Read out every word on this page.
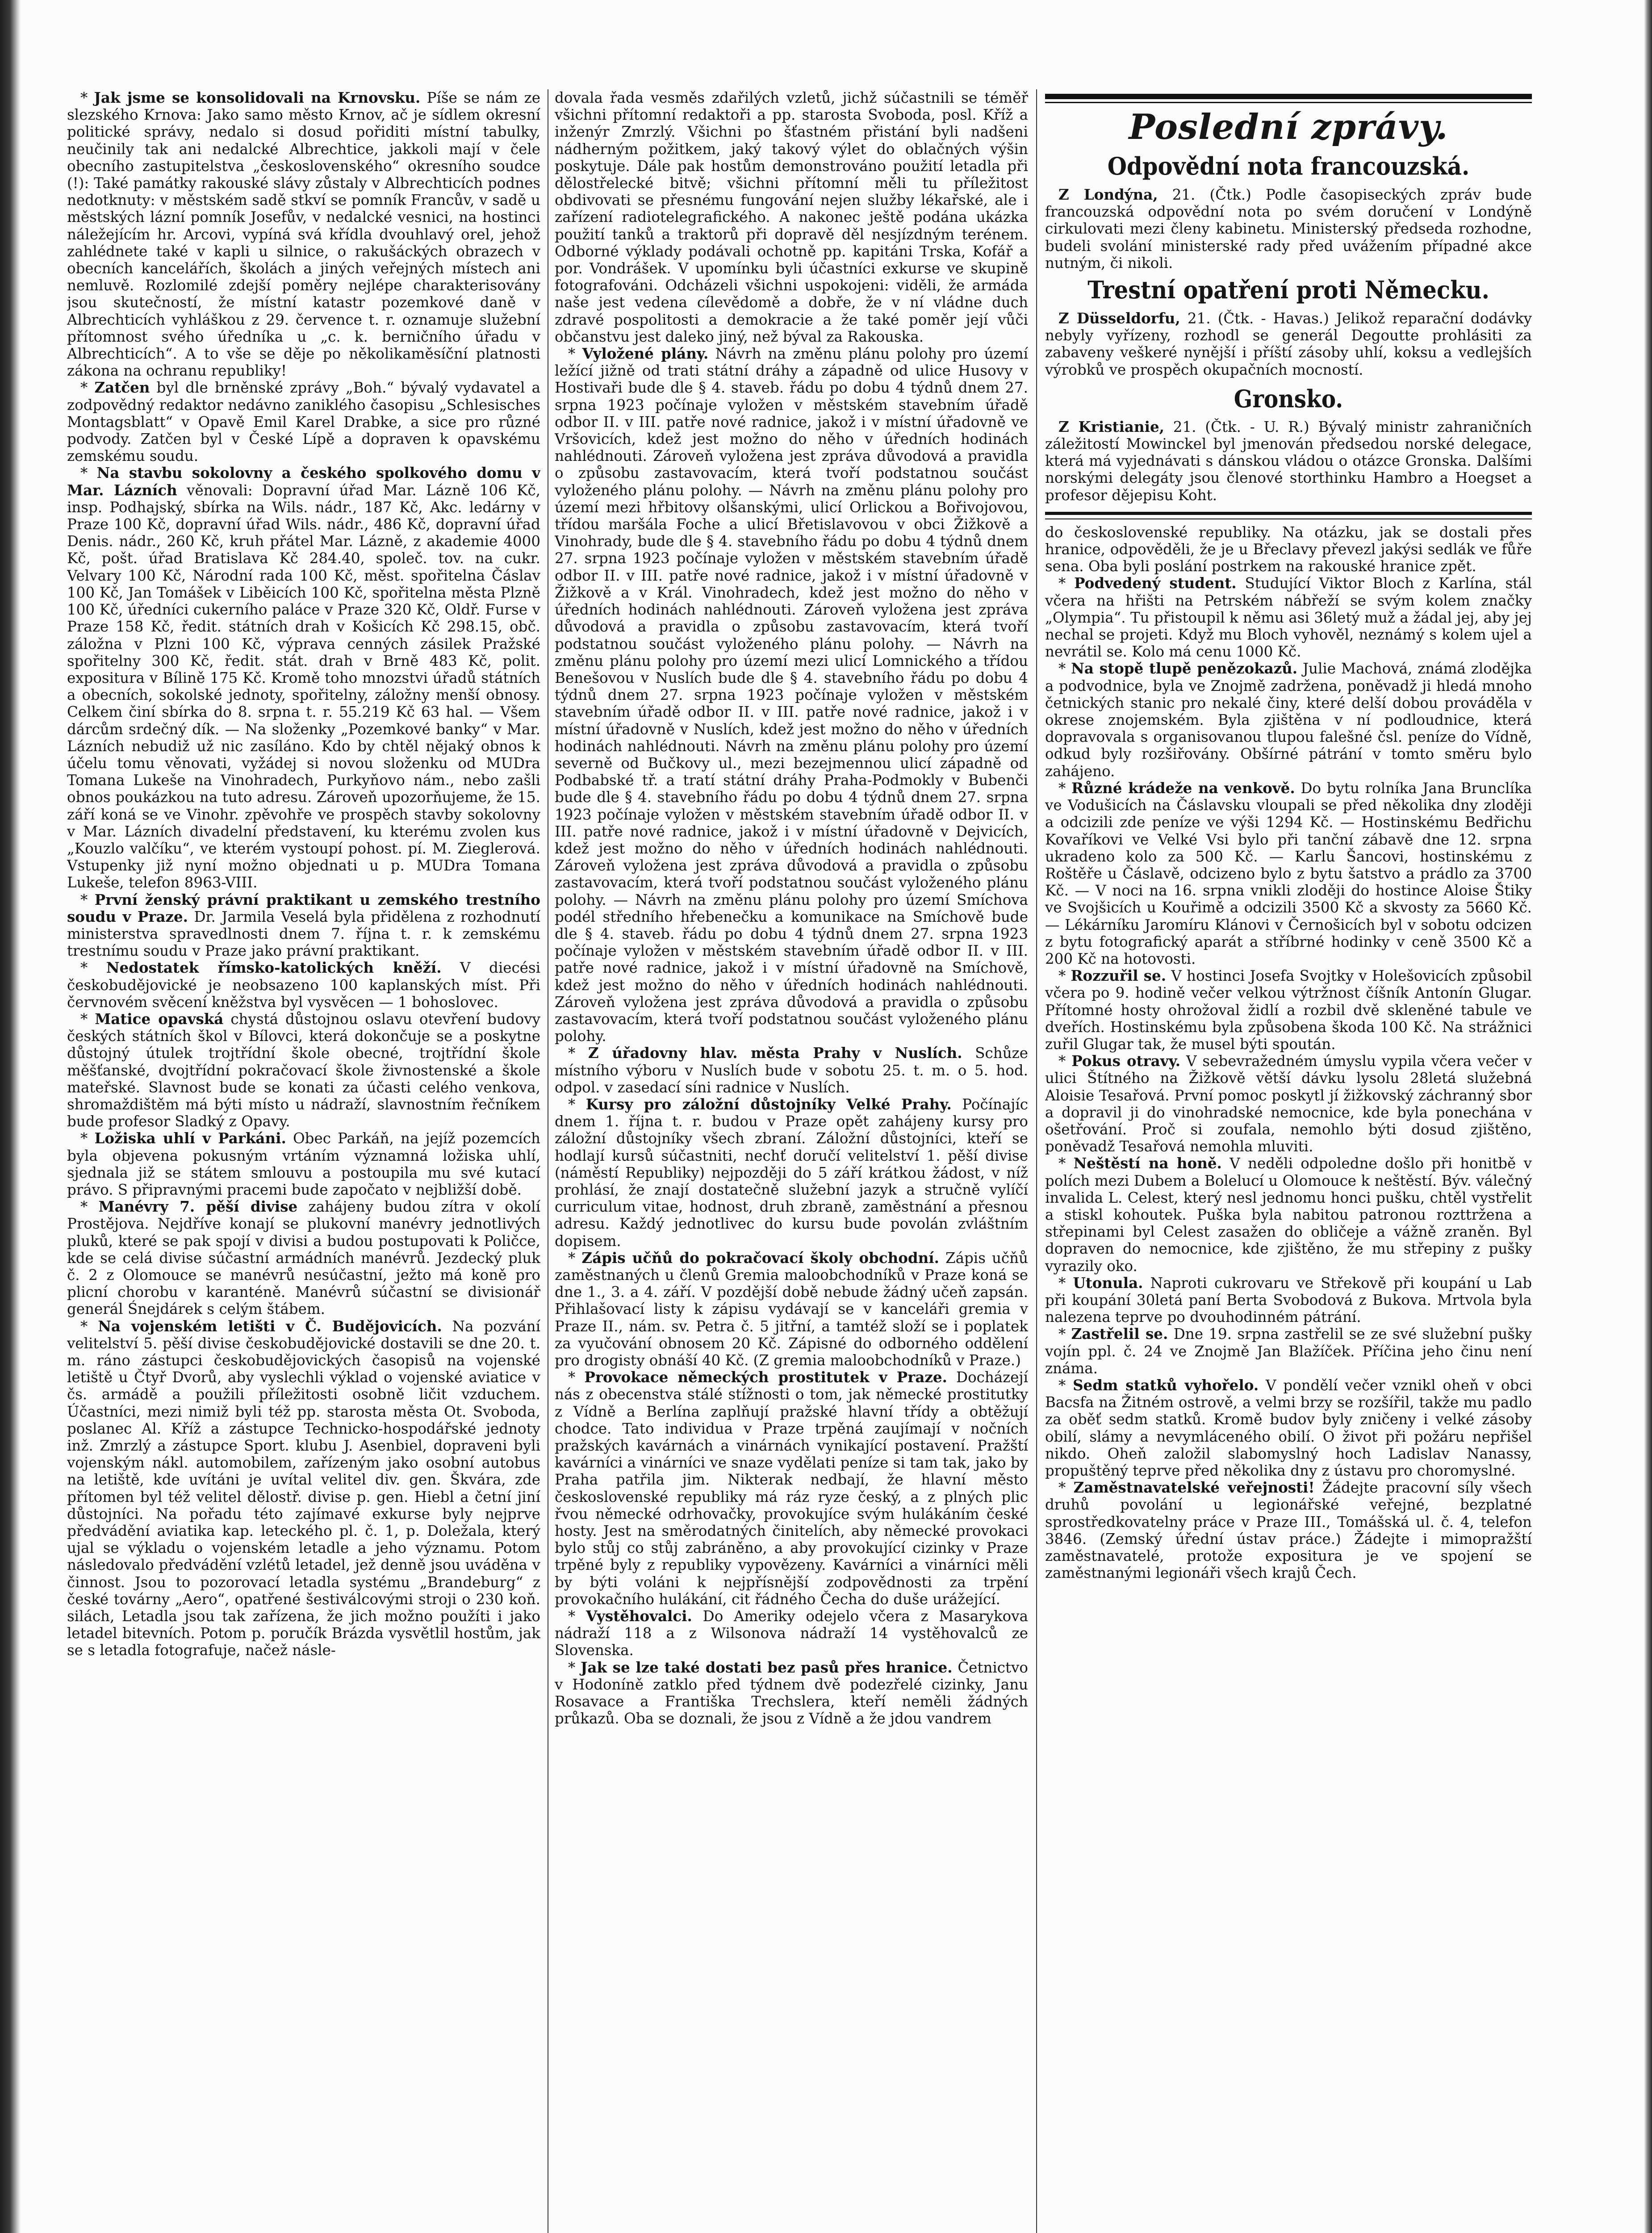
* Jak jsme se konsolidovali na Krnovsku. Píše se nám ze slezského Krnova: Jako samo město Krnov, ač je sídlem okresní politické správy, nedalo si dosud pořiditi místní tabulky, neučinily tak ani nedalcké Albrechtice, jakkoli mají v čele obecního zastupitelstva „československého“ okresního soudce (!): Také památky rakouské slávy zůstaly v Albrechticích podnes nedotknuty: v městském sadě stkví se pomník Francův, v sadě u městských lázní pomník Josefův, v nedalcké vesnici, na hostinci náležejícím hr. Arcovi, vypíná svá křídla dvouhlavý orel, jehož zahlédnete také v kapli u silnice, o rakušáckých obrazech v obecních kancelářích, školách a jiných veřejných místech ani nemluvě. Rozlomilé zdejší poměry nejlépe charakterisovány jsou skutečností, že místní katastr pozemkové daně v Albrechticích vyhláškou z 29. července t. r. oznamuje služební přítomnost svého úředníka u „c. k. berničního úřadu v Albrechticích“. A to vše se děje po několikaměsíční platnosti zákona na ochranu republiky!

* Zatčen byl dle brněnské zprávy „Boh.“ bývalý vydavatel a zodpovědný redaktor nedávno zaniklého časopisu „Schlesisches Montagsblatt“ v Opavě Emil Karel Drabke, a sice pro různé podvody. Zatčen byl v České Lípě a dopraven k opavskému zemskému soudu.

* Na stavbu sokolovny a českého spolkového domu v Mar. Lázních věnovali: Dopravní úřad Mar. Lázně 106 Kč, insp. Podhajský, sbírka na Wils. nádr., 187 Kč, Akc. ledárny v Praze 100 Kč, dopravní úřad Wils. nádr., 486 Kč, dopravní úřad Denis. nádr., 260 Kč, kruh přátel Mar. Lázně, z akademie 4000 Kč, pošt. úřad Bratislava Kč 284.40, společ. tov. na cukr. Velvary 100 Kč, Národní rada 100 Kč, měst. spořitelna Čáslav 100 Kč, Jan Tomášek v Liběicích 100 Kč, spořitelna města Plzně 100 Kč, úředníci cukerního paláce v Praze 320 Kč, Oldř. Furse v Praze 158 Kč, ředit. státních drah v Košicích Kč 298.15, obč. záložna v Plzni 100 Kč, výprava cenných zásilek Pražské spořitelny 300 Kč, ředit. stát. drah v Brně 483 Kč, polit. expositura v Bílině 175 Kč. Kromě toho mnozstvi úřadů státních a obecních, sokolské jednoty, spořitelny, záložny menší obnosy. Celkem činí sbírka do 8. srpna t. r. 55.219 Kč 63 hal. — Všem dárcům srdečný dík. — Na složenky „Pozemkové banky“ v Mar. Lázních nebudiž už nic zasíláno. Kdo by chtěl nějaký obnos k účelu tomu věnovati, vyžádej si novou složenku od MUDra Tomana Lukeše na Vinohradech, Purkyňovo nám., nebo zašli obnos poukázkou na tuto adresu. Zároveň upozorňujeme, že 15. září koná se ve Vinohr. zpěvohře ve prospěch stavby sokolovny v Mar. Lázních divadelní představení, ku kterému zvolen kus „Kouzlo valčíku“, ve kterém vystoupí pohost. pí. M. Zieglerová. Vstupenky již nyní možno objednati u p. MUDra Tomana Lukeše, telefon 8963-VIII.

* První ženský právní praktikant u zemského trestního soudu v Praze. Dr. Jarmila Veselá byla přidělena z rozhodnutí ministerstva spravedlnosti dnem 7. října t. r. k zemskému trestnímu soudu v Praze jako právní praktikant.

* Nedostatek římsko-katolických kněží. V diecési českobudějovické je neobsazeno 100 kaplanských míst. Při červnovém svěcení kněžstva byl vysvěcen — 1 bohoslovec.

* Matice opavská chystá důstojnou oslavu otevření budovy českých státních škol v Bílovci, která dokončuje se a poskytne důstojný útulek trojtřídní škole obecné, trojtřídní škole měšťanské, dvojtřídní pokračovací škole živnostenské a škole mateřské. Slavnost bude se konati za účasti celého venkova, shromaždištěm má býti místo u nádraží, slavnostním řečníkem bude profesor Sladký z Opavy.

* Ložiska uhlí v Parkáni. Obec Parkáň, na jejíž pozemcích byla objevena pokusným vrtáním významná ložiska uhlí, sjednala již se státem smlouvu a postoupila mu své kutací právo. S připravnými pracemi bude započato v nejbližší době.

* Manévry 7. pěší divise zahájeny budou zítra v okolí Prostějova. Nejdříve konají se plukovní manévry jednotlivých pluků, které se pak spojí v divisi a budou postupovati k Poličce, kde se celá divise súčastní armádních manévrů. Jezdecký pluk č. 2 z Olomouce se manévrů nesúčastní, ježto má koně pro plicní chorobu v karanténě. Manévrů súčastní se divisionář generál Śnejdárek s celým štábem.

* Na vojenském letišti v Č. Budějovicích. Na pozvání velitelství 5. pěší divise českobudějovické dostavili se dne 20. t. m. ráno zástupci českobudějovických časopisů na vojenské letiště u Čtyř Dvorů, aby vyslechli výklad o vojenské aviatice v čs. armádě a použili příležitosti osobně ličit vzduchem. Účastníci, mezi nimiž byli též pp. starosta města Ot. Svoboda, poslanec Al. Kříž a zástupce Technicko-hospodářské jednoty inž. Zmrzlý a zástupce Sport. klubu J. Asenbiel, dopraveni byli vojenským nákl. automobilem, zařízeným jako osobní autobus na letiště, kde uvítáni je uvítal velitel div. gen. Škvára, zde přítomen byl též velitel dělostř. divise p. gen. Hiebl a četní jiní důstojníci. Na pořadu této zajímavé exkurse byly nejprve předvádění aviatika kap. leteckého pl. č. 1, p. Doležala, který ujal se výkladu o vojenském letadle a jeho významu. Potom následovalo předvádění vzlétů letadel, jež denně jsou uváděna v činnost. Jsou to pozorovací letadla systému „Brandeburg“ z české továrny „Aero“, opatřené šestiválcovými stroji o 230 koň. silách, Letadla jsou tak zařízena, že jich možno použíti i jako letadel bitevních. Potom p. poručík Brázda vysvětlil hostům, jak se s letadla fotografuje, načež násle-

dovala řada vesměs zdařilých vzletů, jichž súčastnili se téměř všichni přítomní redaktoři a pp. starosta Svoboda, posl. Kříž a inženýr Zmrzlý. Všichni po šťastném přistání byli nadšeni nádherným požitkem, jaký takový výlet do oblačných výšin poskytuje. Dále pak hostům demonstrováno použití letadla při dělostřelecké bitvě; všichni přítomní měli tu příležitost obdivovati se přesnému fungování nejen služby lékařské, ale i zařízení radiotelegrafického. A nakonec ještě podána ukázka použití tanků a traktorů při dopravě děl nesjízdným terénem. Odborné výklady podávali ochotně pp. kapitáni Trska, Kofář a por. Vondrášek. V upomínku byli účastníci exkurse ve skupině fotografováni. Odcházeli všichni uspokojeni: viděli, že armáda naše jest vedena cílevědomě a dobře, že v ní vládne duch zdravé pospolitosti a demokracie a že také poměr její vůči občanstvu jest daleko jiný, než býval za Rakouska.

* Vyložené plány. Návrh na změnu plánu polohy pro území ležící jižně od trati státní dráhy a západně od ulice Husovy v Hostivaři bude dle § 4. staveb. řádu po dobu 4 týdnů dnem 27. srpna 1923 počínaje vyložen v městském stavebním úřadě odbor II. v III. patře nové radnice, jakož i v místní úřadovně ve Vršovicích, kdež jest možno do něho v úředních hodinách nahlédnouti. Zároveň vyložena jest zpráva důvodová a pravidla o způsobu zastavovacím, která tvoří podstatnou součást vyloženého plánu polohy. — Návrh na změnu plánu polohy pro území mezi hřbitovy olšanskými, ulicí Orlickou a Bořivojovou, třídou maršála Foche a ulicí Břetislavovou v obci Žižkově a Vinohrady, bude dle § 4. stavebního řádu po dobu 4 týdnů dnem 27. srpna 1923 počínaje vyložen v městském stavebním úřadě odbor II. v III. patře nové radnice, jakož i v místní úřadovně v Žižkově a v Král. Vinohradech, kdež jest možno do něho v úředních hodinách nahlédnouti. Zároveň vyložena jest zpráva důvodová a pravidla o způsobu zastavovacím, která tvoří podstatnou součást vyloženého plánu polohy. — Návrh na změnu plánu polohy pro území mezi ulicí Lomnického a třídou Benešovou v Nuslích bude dle § 4. stavebního řádu po dobu 4 týdnů dnem 27. srpna 1923 počínaje vyložen v městském stavebním úřadě odbor II. v III. patře nové radnice, jakož i v místní úřadovně v Nuslích, kdež jest možno do něho v úředních hodinách nahlédnouti. Návrh na změnu plánu polohy pro území severně od Bučkovy ul., mezi bezejmennou ulicí západně od Podbabské tř. a tratí státní dráhy Praha-Podmokly v Bubenči bude dle § 4. stavebního řádu po dobu 4 týdnů dnem 27. srpna 1923 počínaje vyložen v městském stavebním úřadě odbor II. v III. patře nové radnice, jakož i v místní úřadovně v Dejvicích, kdež jest možno do něho v úředních hodinách nahlédnouti. Zároveň vyložena jest zpráva důvodová a pravidla o způsobu zastavovacím, která tvoří podstatnou součást vyloženého plánu polohy. — Návrh na změnu plánu polohy pro území Smíchova podél středního hřebenečku a komunikace na Smíchově bude dle § 4. staveb. řádu po dobu 4 týdnů dnem 27. srpna 1923 počínaje vyložen v městském stavebním úřadě odbor II. v III. patře nové radnice, jakož i v místní úřadovně na Smíchově, kdež jest možno do něho v úředních hodinách nahlédnouti. Zároveň vyložena jest zpráva důvodová a pravidla o způsobu zastavovacím, která tvoří podstatnou součást vyloženého plánu polohy.

* Z úřadovny hlav. města Prahy v Nuslích. Schůze místního výboru v Nuslích bude v sobotu 25. t. m. o 5. hod. odpol. v zasedací síni radnice v Nuslích.

* Kursy pro záložní důstojníky Velké Prahy. Počínajíc dnem 1. října t. r. budou v Praze opět zahájeny kursy pro záložní důstojníky všech zbraní. Záložní důstojníci, kteří se hodlají kursů súčastniti, nechť doručí velitelství 1. pěší divise (náměstí Republiky) nejpozději do 5 září krátkou žádost, v níž prohlásí, že znají dostatečně služební jazyk a stručně vylíčí curriculum vitae, hodnost, druh zbraně, zaměstnání a přesnou adresu. Každý jednotlivec do kursu bude povolán zvláštním dopisem.

* Zápis učňů do pokračovací školy obchodní. Zápis učňů zaměstnaných u členů Gremia maloobchodníků v Praze koná se dne 1., 3. a 4. září. V pozdější době nebude žádný učeň zapsán. Přihlašovací listy k zápisu vydávají se v kanceláři gremia v Praze II., nám. sv. Petra č. 5 jitřní, a tamtéž složí se i poplatek za vyučování obnosem 20 Kč. Zápisné do odborného oddělení pro drogisty obnáší 40 Kč. (Z gremia maloobchodníků v Praze.)

* Provokace německých prostitutek v Praze. Docházejí nás z obecenstva stálé stížnosti o tom, jak německé prostitutky z Vídně a Berlína zaplňují pražské hlavní třídy a obtěžují chodce. Tato individua v Praze trpěná zaujímají v nočních pražských kavárnách a vinárnách vynikající postavení. Pražští kavárníci a vinárníci ve snaze vydělati peníze si tam tak, jako by Praha patřila jim. Nikterak nedbají, že hlavní město československé republiky má ráz ryze český, a z plných plic řvou německé odrhovačky, provokujíce svým hulákáním české hosty. Jest na směrodatných činitelích, aby německé provokaci bylo stůj co stůj zabráněno, a aby provokující cizinky v Praze trpěné byly z republiky vypovězeny. Kavárníci a vinárníci měli by býti voláni k nejpřísnější zodpovědnosti za trpění provokačního hulákání, cit řádného Čecha do duše urážející.

* Vystěhovalci. Do Ameriky odejelo včera z Masarykova nádraží 118 a z Wilsonova nádraží 14 vystěhovalců ze Slovenska.

* Jak se lze také dostati bez pasů přes hranice. Četnictvo v Hodoníně zatklo před týdnem dvě podezřelé cizinky, Janu Rosavace a Františka Trechslera, kteří neměli žádných průkazů. Oba se doznali, že jsou z Vídně a že jdou vandrem

Poslední zprávy.
Odpovědní nota francouzská.

Z Londýna, 21. (Čtk.) Podle časopiseckých zpráv bude francouzská odpovědní nota po svém doručení v Londýně cirkulovati mezi členy kabinetu. Ministerský předseda rozhodne, budeli svolání ministerské rady před uvážením případné akce nutným, či nikoli.

Trestní opatření proti Německu.

Z Düsseldorfu, 21. (Čtk. - Havas.) Jelikož reparační dodávky nebyly vyřízeny, rozhodl se generál Degoutte prohlásiti za zabaveny veškeré nynější i příští zásoby uhlí, koksu a vedlejších výrobků ve prospěch okupačních mocností.

Gronsko.

Z Kristianie, 21. (Čtk. - U. R.) Bývalý ministr zahraničních záležitostí Mowinckel byl jmenován předsedou norské delegace, která má vyjednávati s dánskou vládou o otázce Gronska. Dalšími norskými delegáty jsou členové storthinku Hambro a Hoegset a profesor dějepisu Koht.

do československé republiky. Na otázku, jak se dostali přes hranice, odpověděli, že je u Břeclavy převezl jakýsi sedlák ve fůře sena. Oba byli poslání postrkem na rakouské hranice zpět.

* Podvedený student. Studující Viktor Bloch z Karlína, stál včera na hřišti na Petrském nábřeží se svým kolem značky „Olympia“. Tu přistoupil k němu asi 36letý muž a žádal jej, aby jej nechal se projeti. Když mu Bloch vyhověl, neznámý s kolem ujel a nevrátil se. Kolo má cenu 1000 Kč.

* Na stopě tlupě penězokazů. Julie Machová, známá zlodějka a podvodnice, byla ve Znojmě zadržena, poněvadž ji hledá mnoho četnických stanic pro nekalé činy, které delší dobou prováděla v okrese znojemském. Byla zjištěna v ní podloudnice, která dopravovala s organisovanou tlupou falešné čsl. peníze do Vídně, odkud byly rozšiřovány. Obšírné pátrání v tomto směru bylo zahájeno.

* Různé krádeže na venkově. Do bytu rolníka Jana Brunclíka ve Vodušicích na Čáslavsku vloupali se před několika dny zloději a odcizili zde peníze ve výši 1294 Kč. — Hostinskému Bedřichu Kovaříkovi ve Velké Vsi bylo při tanční zábavě dne 12. srpna ukradeno kolo za 500 Kč. — Karlu Šancovi, hostinskému z Roštěře u Čáslavě, odcizeno bylo z bytu šatstvo a prádlo za 3700 Kč. — V noci na 16. srpna vnikli zloději do hostince Aloise Štiky ve Svojšicích u Kouřimě a odcizili 3500 Kč a skvosty za 5660 Kč. — Lékárníku Jaromíru Klánovi v Černošicích byl v sobotu odcizen z bytu fotografický aparát a stříbrné hodinky v ceně 3500 Kč a 200 Kč na hotovosti.

* Rozzuřil se. V hostinci Josefa Svojtky v Holešovicích způsobil včera po 9. hodině večer velkou výtržnost číšník Antonín Glugar. Přítomné hosty ohrožoval židlí a rozbil dvě skleněné tabule ve dveřích. Hostinskému byla způsobena škoda 100 Kč. Na strážnici zuřil Glugar tak, že musel býti spoután.

* Pokus otravy. V sebevražedném úmyslu vypila včera večer v ulici Štítného na Žižkově větší dávku lysolu 28letá služebná Aloisie Tesařová. První pomoc poskytl jí žižkovský záchranný sbor a dopravil ji do vinohradské nemocnice, kde byla ponechána v ošetřování. Proč si zoufala, nemohlo býti dosud zjištěno, poněvadž Tesařová nemohla mluviti.

* Neštěstí na honě. V neděli odpoledne došlo při honitbě v polích mezi Dubem a Bolelucí u Olomouce k neštěstí. Býv. válečný invalida L. Celest, který nesl jednomu honci pušku, chtěl vystřelit a stiskl kohoutek. Puška byla nabitou patronou rozttržena a střepinami byl Celest zasažen do obličeje a vážně zraněn. Byl dopraven do nemocnice, kde zjištěno, že mu střepiny z pušky vyrazily oko.

* Utonula. Naproti cukrovaru ve Střekově při koupání u Lab při koupání 30letá paní Berta Svobodová z Bukova. Mrtvola byla nalezena teprve po dvouhodinném pátrání.

* Zastřelil se. Dne 19. srpna zastřelil se ze své služební pušky vojín ppl. č. 24 ve Znojmě Jan Blažíček. Příčina jeho činu není známa.

* Sedm statků vyhořelo. V pondělí večer vznikl oheň v obci Bacsfa na Žitném ostrově, a velmi brzy se rozšířil, takže mu padlo za oběť sedm statků. Kromě budov byly zničeny i velké zásoby obilí, slámy a nevymláceného obilí. O život při požáru nepřišel nikdo. Oheň založil slabomyslný hoch Ladislav Nanassy, propuštěný teprve před několika dny z ústavu pro choromyslné.

* Zaměstnavatelské veřejnosti! Žádejte pracovní síly všech druhů povolání u legionářské veřejné, bezplatné sprostředkovatelny práce v Praze III., Tomášská ul. č. 4, telefon 3846. (Zemský úřední ústav práce.) Žádejte i mimopražští zaměstnavatelé, protože expositura je ve spojení se zaměstnanými legionáři všech krajů Čech.
